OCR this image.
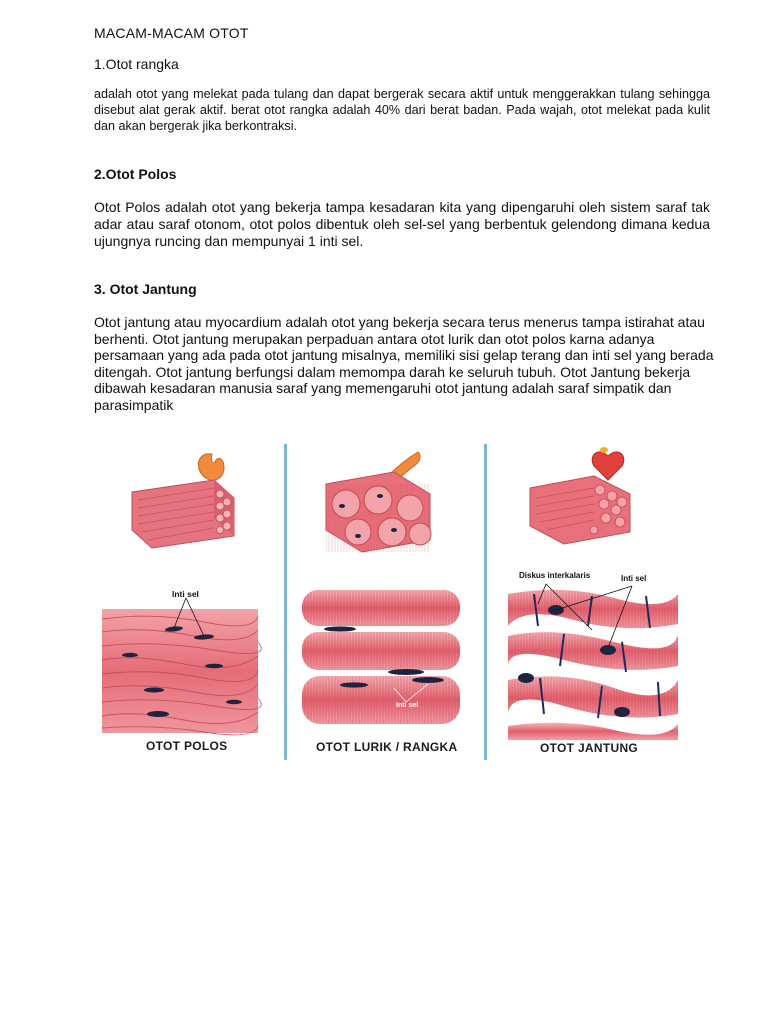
MACAM-MACAM OTOT
1.Otot rangka

adalah otot yang melekat pada tulang dan dapat bergerak secara aktif untuk menggerakkan tulang sehingga disebut alat gerak aktif. berat otot rangka adalah 40% dari berat badan. Pada wajah, otot melekat pada kulit dan akan bergerak jika berkontraksi.

2.Otot Polos

Otot Polos adalah otot yang bekerja tampa kesadaran kita yang dipengaruhi oleh sistem saraf tak adar atau saraf otonom, otot polos dibentuk oleh sel-sel yang berbentuk gelendong dimana kedua ujungnya runcing dan mempunyai 1 inti sel.

3. Otot Jantung

Otot jantung atau myocardium adalah otot yang bekerja secara terus menerus tampa istirahat atau berhenti. Otot jantung merupakan perpaduan antara otot lurik dan otot polos karna adanya persamaan yang ada pada otot jantung misalnya, memiliki sisi gelap terang dan inti sel yang berada ditengah. Otot jantung berfungsi dalam memompa darah ke seluruh tubuh. Otot Jantung bekerja dibawah kesadaran manusia saraf yang memengaruhi otot jantung adalah saraf simpatik dan parasimpatik

Inti sel
Inti sel
Diskus interkalaris	Inti sel
OTOT POLOS	OTOT LURIK / RANGKA	OTOT JANTUNG
